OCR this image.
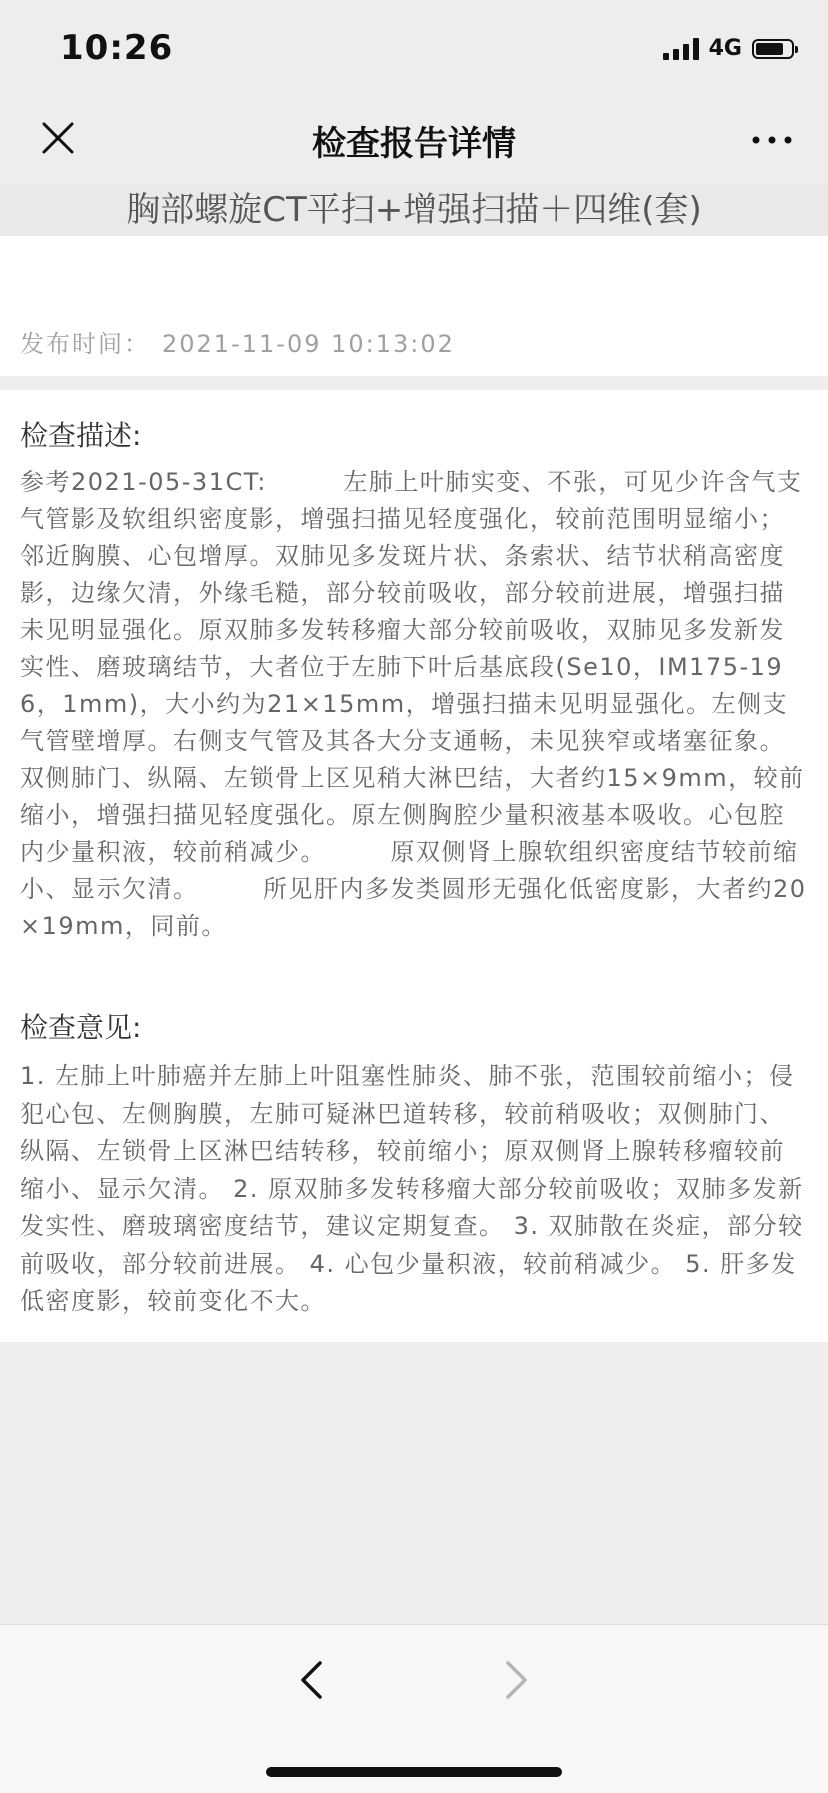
10:26	4G
检查报告详情
胸部螺旋CT平扫+增强扫描＋四维(套)
发布时间： 2021-11-09 10:13:02
检查描述:
参考2021-05-31CT:　　　左肺上叶肺实变、不张，可见少许含气支气管影及软组织密度影，增强扫描见轻度强化，较前范围明显缩小；邻近胸膜、心包增厚。双肺见多发斑片状、条索状、结节状稍高密度影，边缘欠清，外缘毛糙，部分较前吸收，部分较前进展，增强扫描未见明显强化。原双肺多发转移瘤大部分较前吸收，双肺见多发新发实性、磨玻璃结节，大者位于左肺下叶后基底段(Se10，IM175-196，1mm)，大小约为21×15mm，增强扫描未见明显强化。左侧支气管壁增厚。右侧支气管及其各大分支通畅，未见狭窄或堵塞征象。双侧肺门、纵隔、左锁骨上区见稍大淋巴结，大者约15×9mm，较前缩小，增强扫描见轻度强化。原左侧胸腔少量积液基本吸收。心包腔内少量积液，较前稍减少。　　　原双侧肾上腺软组织密度结节较前缩小、显示欠清。　　　所见肝内多发类圆形无强化低密度影，大者约20×19mm，同前。
检查意见:
1. 左肺上叶肺癌并左肺上叶阻塞性肺炎、肺不张，范围较前缩小；侵犯心包、左侧胸膜，左肺可疑淋巴道转移，较前稍吸收；双侧肺门、纵隔、左锁骨上区淋巴结转移，较前缩小；原双侧肾上腺转移瘤较前缩小、显示欠清。 2. 原双肺多发转移瘤大部分较前吸收；双肺多发新发实性、磨玻璃密度结节，建议定期复查。 3. 双肺散在炎症，部分较前吸收，部分较前进展。 4. 心包少量积液，较前稍减少。 5. 肝多发低密度影，较前变化不大。
